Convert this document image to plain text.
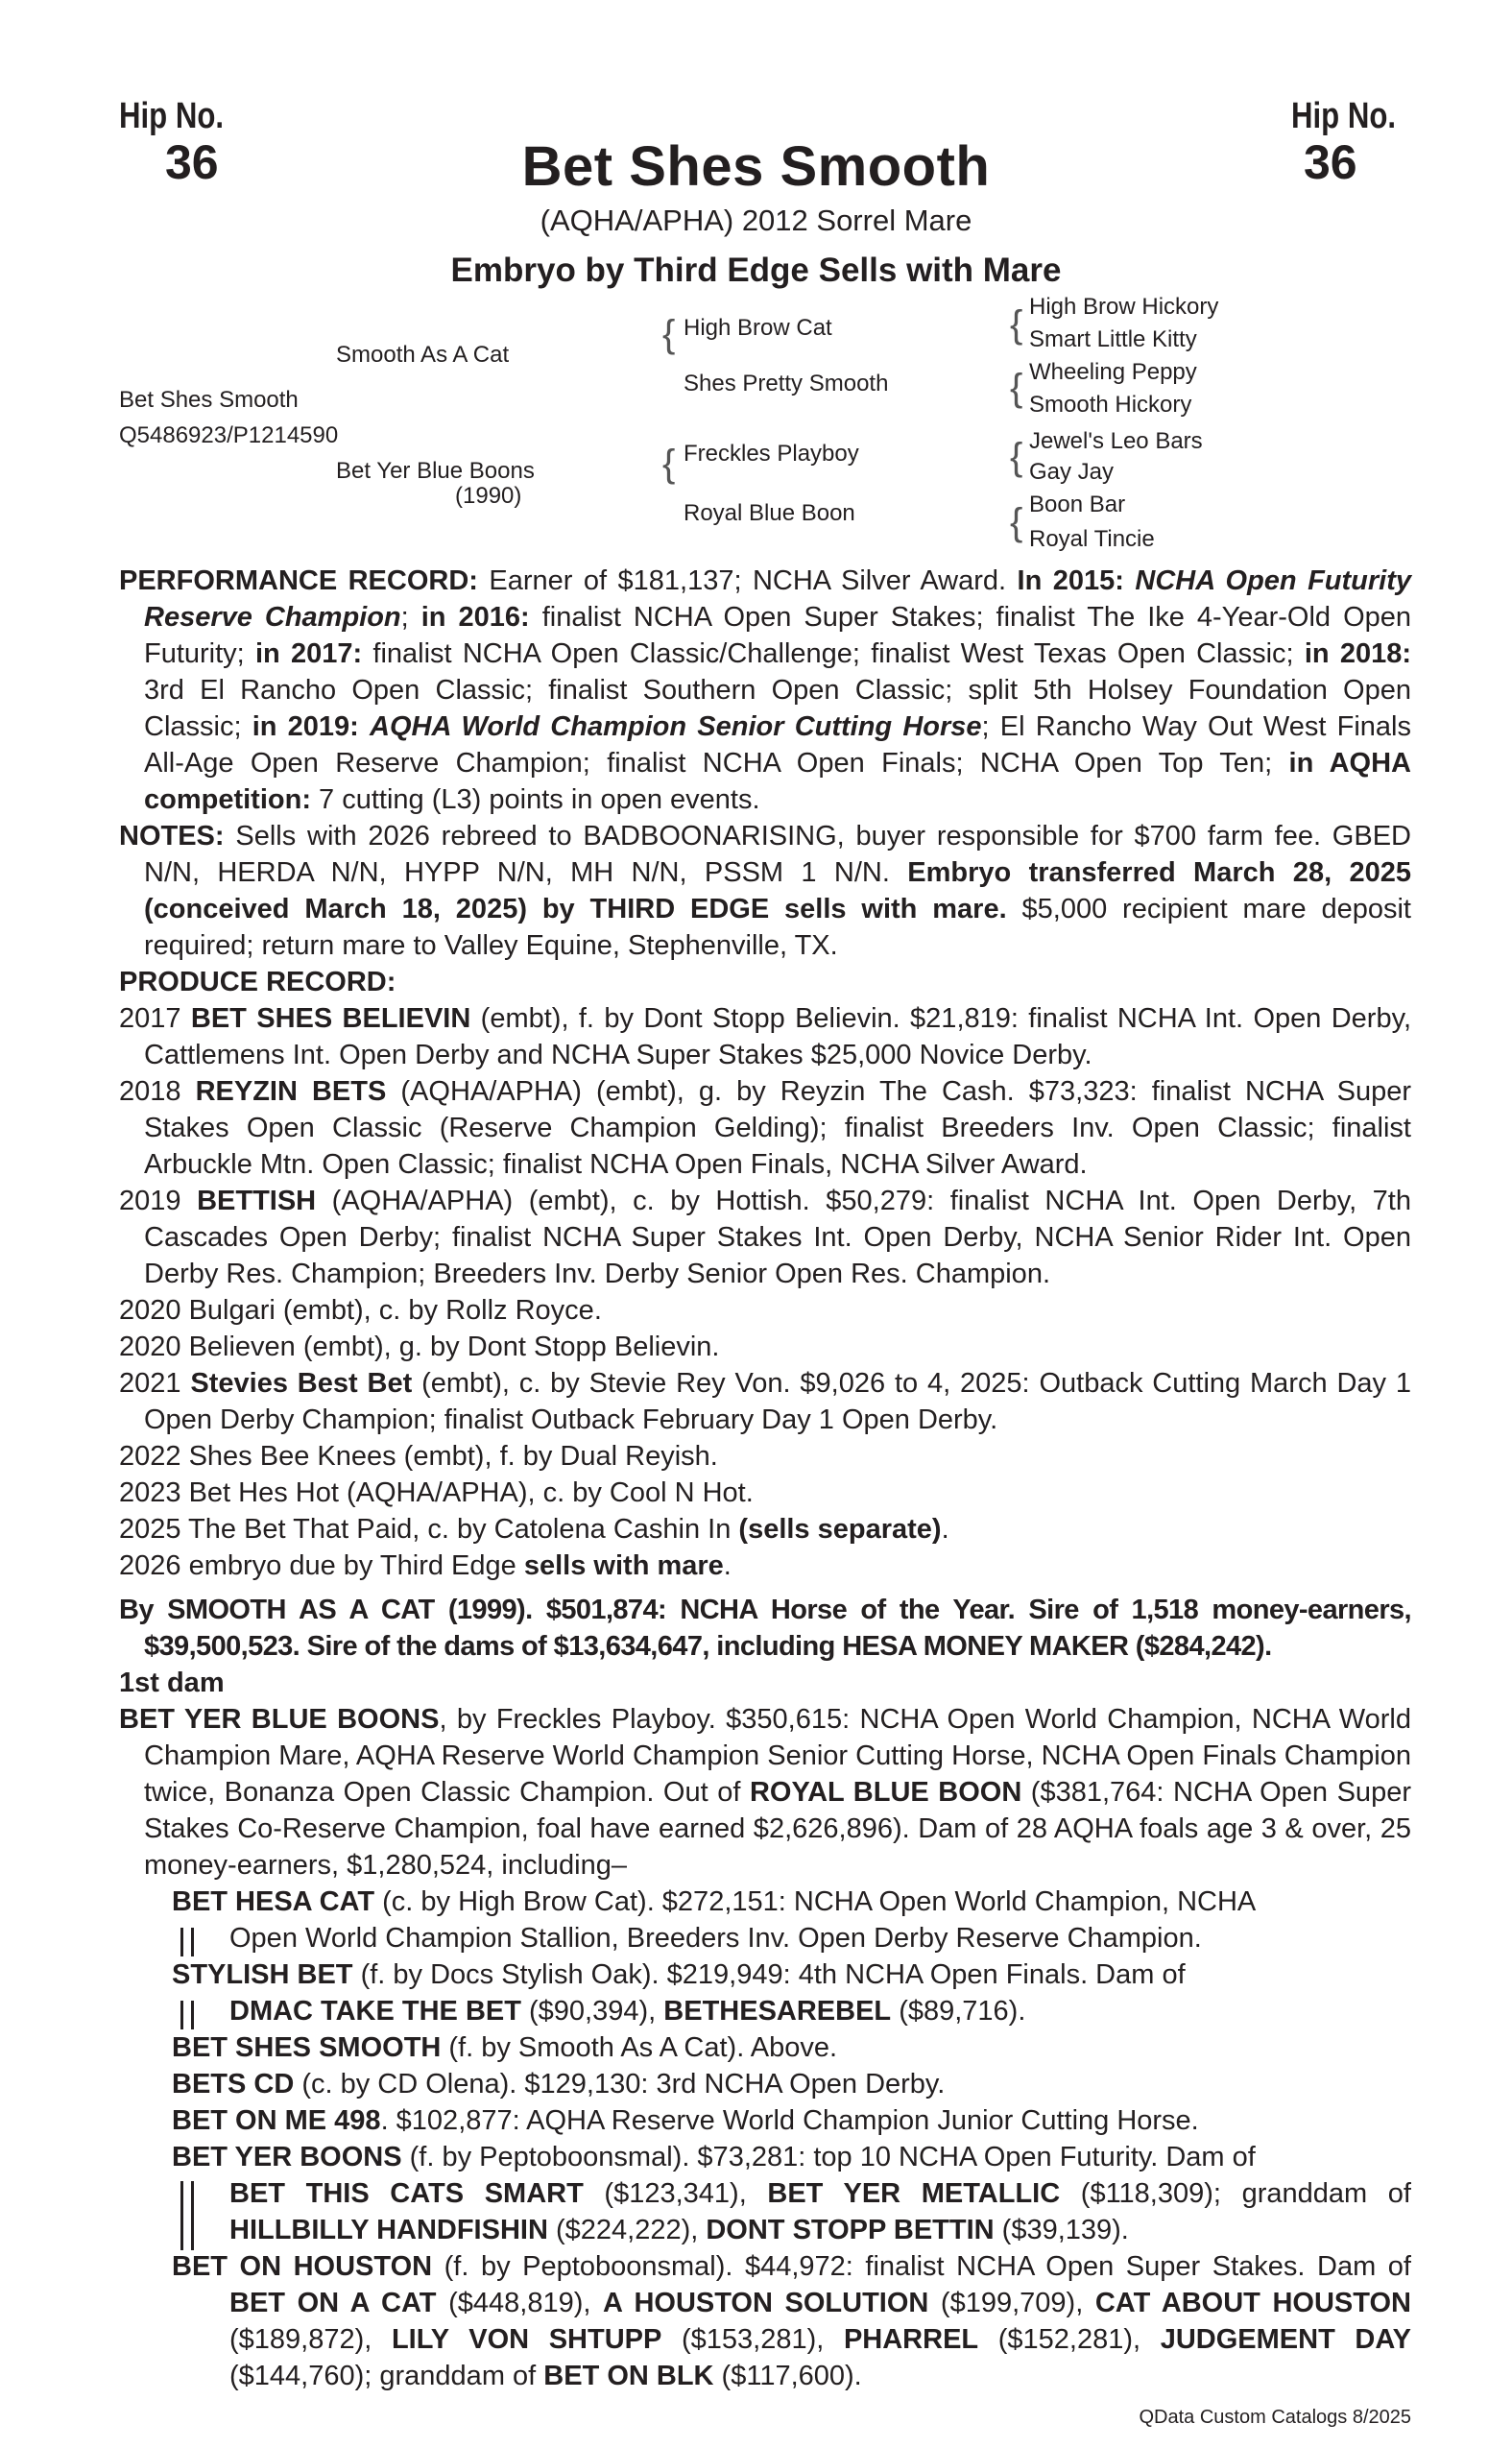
Hip No.
36
Hip No.
36
Bet Shes Smooth
(AQHA/APHA) 2012 Sorrel Mare
Embryo by Third Edge Sells with Mare
Smooth As A Cat
Bet Shes Smooth
Q5486923/P1214590
Bet Yer Blue Boons
(1990)
{ High Brow Cat
Shes Pretty Smooth
{ Freckles Playboy
Royal Blue Boon
{ High Brow Hickory
Smart Little Kitty
{ Wheeling Peppy
Smooth Hickory
{ Jewel's Leo Bars
Gay Jay
{ Boon Bar
Royal Tincie

PERFORMANCE RECORD: Earner of $181,137; NCHA Silver Award. In 2015: NCHA Open Futurity Reserve Champion; in 2016: finalist NCHA Open Super Stakes; finalist The Ike 4-Year-Old Open Futurity; in 2017: finalist NCHA Open Classic/Challenge; finalist West Texas Open Classic; in 2018: 3rd El Rancho Open Classic; finalist Southern Open Classic; split 5th Holsey Foundation Open Classic; in 2019: AQHA World Champion Senior Cutting Horse; El Rancho Way Out West Finals All-Age Open Reserve Champion; finalist NCHA Open Finals; NCHA Open Top Ten; in AQHA competition: 7 cutting (L3) points in open events.

NOTES: Sells with 2026 rebreed to BADBOONARISING, buyer responsible for $700 farm fee. GBED N/N, HERDA N/N, HYPP N/N, MH N/N, PSSM 1 N/N. Embryo transferred March 28, 2025 (conceived March 18, 2025) by THIRD EDGE sells with mare. $5,000 recipient mare deposit required; return mare to Valley Equine, Stephenville, TX.

PRODUCE RECORD:

2017 BET SHES BELIEVIN (embt), f. by Dont Stopp Believin. $21,819: finalist NCHA Int. Open Derby, Cattlemens Int. Open Derby and NCHA Super Stakes $25,000 Novice Derby.

2018 REYZIN BETS (AQHA/APHA) (embt), g. by Reyzin The Cash. $73,323: finalist NCHA Super Stakes Open Classic (Reserve Champion Gelding); finalist Breeders Inv. Open Classic; finalist Arbuckle Mtn. Open Classic; finalist NCHA Open Finals, NCHA Silver Award.

2019 BETTISH (AQHA/APHA) (embt), c. by Hottish. $50,279: finalist NCHA Int. Open Derby, 7th Cascades Open Derby; finalist NCHA Super Stakes Int. Open Derby, NCHA Senior Rider Int. Open Derby Res. Champion; Breeders Inv. Derby Senior Open Res. Champion.

2020 Bulgari (embt), c. by Rollz Royce.

2020 Believen (embt), g. by Dont Stopp Believin.

2021 Stevies Best Bet (embt), c. by Stevie Rey Von. $9,026 to 4, 2025: Outback Cutting March Day 1 Open Derby Champion; finalist Outback February Day 1 Open Derby.

2022 Shes Bee Knees (embt), f. by Dual Reyish.

2023 Bet Hes Hot (AQHA/APHA), c. by Cool N Hot.

2025 The Bet That Paid, c. by Catolena Cashin In (sells separate).

2026 embryo due by Third Edge sells with mare.

By SMOOTH AS A CAT (1999). $501,874: NCHA Horse of the Year. Sire of 1,518 money-earners, $39,500,523. Sire of the dams of $13,634,647, including HESA MONEY MAKER ($284,242).

1st dam

BET YER BLUE BOONS, by Freckles Playboy. $350,615: NCHA Open World Champion, NCHA World Champion Mare, AQHA Reserve World Champion Senior Cutting Horse, NCHA Open Finals Champion twice, Bonanza Open Classic Champion. Out of ROYAL BLUE BOON ($381,764: NCHA Open Super Stakes Co-Reserve Champion, foal have earned $2,626,896). Dam of 28 AQHA foals age 3 & over, 25 money-earners, $1,280,524, including–

BET HESA CAT (c. by High Brow Cat). $272,151: NCHA Open World Champion, NCHA

Open World Champion Stallion, Breeders Inv. Open Derby Reserve Champion.

STYLISH BET (f. by Docs Stylish Oak). $219,949: 4th NCHA Open Finals. Dam of

DMAC TAKE THE BET ($90,394), BETHESAREBEL ($89,716).

BET SHES SMOOTH (f. by Smooth As A Cat). Above.

BETS CD (c. by CD Olena). $129,130: 3rd NCHA Open Derby.

BET ON ME 498. $102,877: AQHA Reserve World Champion Junior Cutting Horse.

BET YER BOONS (f. by Peptoboonsmal). $73,281: top 10 NCHA Open Futurity. Dam of

BET THIS CATS SMART ($123,341), BET YER METALLIC ($118,309); granddam of HILLBILLY HANDFISHIN ($224,222), DONT STOPP BETTIN ($39,139).

BET ON HOUSTON (f. by Peptoboonsmal). $44,972: finalist NCHA Open Super Stakes. Dam of BET ON A CAT ($448,819), A HOUSTON SOLUTION ($199,709), CAT ABOUT HOUSTON ($189,872), LILY VON SHTUPP ($153,281), PHARREL ($152,281), JUDGEMENT DAY ($144,760); granddam of BET ON BLK ($117,600).

QData Custom Catalogs 8/2025
